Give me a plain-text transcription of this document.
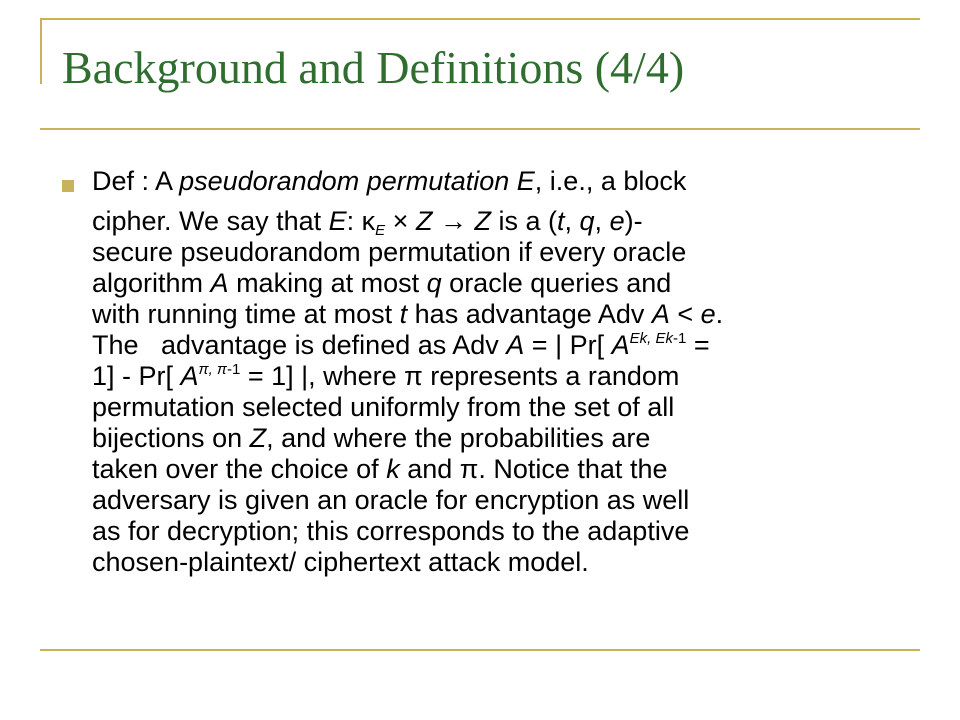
Background and Definitions (4/4)
Def : A pseudorandom permutation E, i.e., a block
cipher. We say that E: $\kappa_E \times Z \to Z$ is a (t, q, e)-
secure pseudorandom permutation if every oracle
algorithm A making at most q oracle queries and
with running time at most t has advantage Adv A < e.
The   advantage is defined as Adv A = | Pr[ $A^{Ek, Ek-1}$ =
1] - Pr[ $A^{\pi, \pi-1} = 1$] |, where π represents a random
permutation selected uniformly from the set of all
bijections on Z, and where the probabilities are
taken over the choice of k and π. Notice that the
adversary is given an oracle for encryption as well
as for decryption; this corresponds to the adaptive
chosen-plaintext/ ciphertext attack model.
